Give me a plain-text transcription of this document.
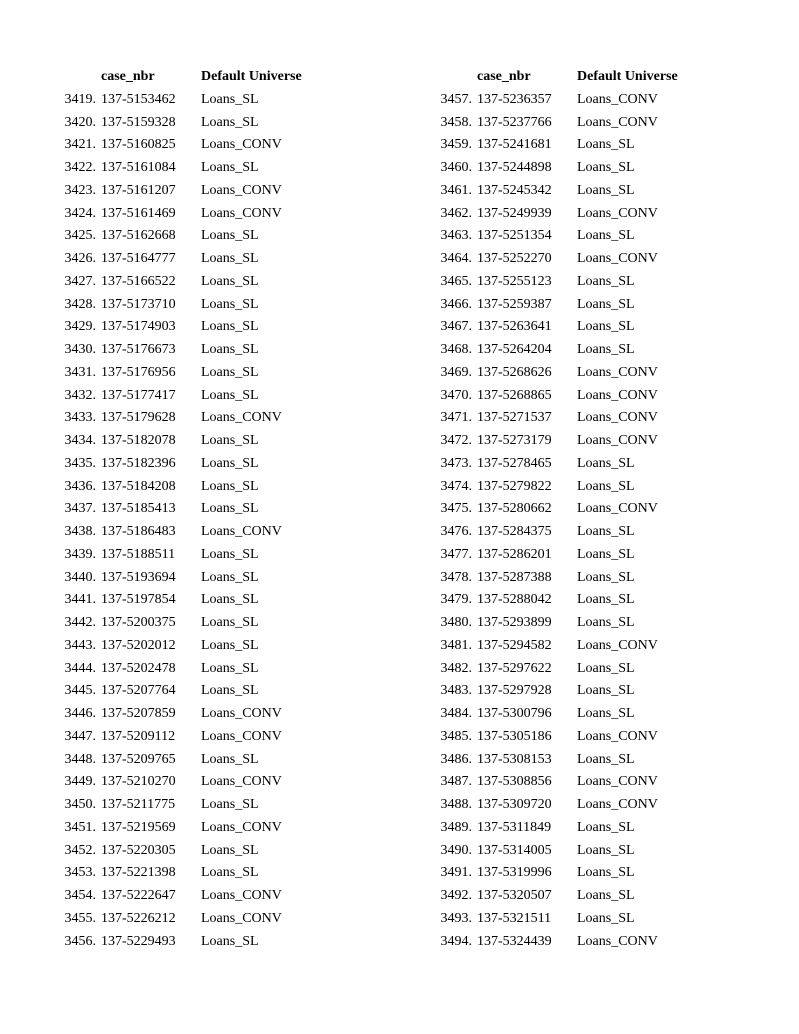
case_nbr	Default Universe
3419. 137-5153462 Loans_SL
3420. 137-5159328 Loans_SL
3421. 137-5160825 Loans_CONV
3422. 137-5161084 Loans_SL
3423. 137-5161207 Loans_CONV
3424. 137-5161469 Loans_CONV
3425. 137-5162668 Loans_SL
3426. 137-5164777 Loans_SL
3427. 137-5166522 Loans_SL
3428. 137-5173710 Loans_SL
3429. 137-5174903 Loans_SL
3430. 137-5176673 Loans_SL
3431. 137-5176956 Loans_SL
3432. 137-5177417 Loans_SL
3433. 137-5179628 Loans_CONV
3434. 137-5182078 Loans_SL
3435. 137-5182396 Loans_SL
3436. 137-5184208 Loans_SL
3437. 137-5185413 Loans_SL
3438. 137-5186483 Loans_CONV
3439. 137-5188511 Loans_SL
3440. 137-5193694 Loans_SL
3441. 137-5197854 Loans_SL
3442. 137-5200375 Loans_SL
3443. 137-5202012 Loans_SL
3444. 137-5202478 Loans_SL
3445. 137-5207764 Loans_SL
3446. 137-5207859 Loans_CONV
3447. 137-5209112 Loans_CONV
3448. 137-5209765 Loans_SL
3449. 137-5210270 Loans_CONV
3450. 137-5211775 Loans_SL
3451. 137-5219569 Loans_CONV
3452. 137-5220305 Loans_SL
3453. 137-5221398 Loans_SL
3454. 137-5222647 Loans_CONV
3455. 137-5226212 Loans_CONV
3456. 137-5229493 Loans_SL
case_nbr	Default Universe
3457. 137-5236357 Loans_CONV
3458. 137-5237766 Loans_CONV
3459. 137-5241681 Loans_SL
3460. 137-5244898 Loans_SL
3461. 137-5245342 Loans_SL
3462. 137-5249939 Loans_CONV
3463. 137-5251354 Loans_SL
3464. 137-5252270 Loans_CONV
3465. 137-5255123 Loans_SL
3466. 137-5259387 Loans_SL
3467. 137-5263641 Loans_SL
3468. 137-5264204 Loans_SL
3469. 137-5268626 Loans_CONV
3470. 137-5268865 Loans_CONV
3471. 137-5271537 Loans_CONV
3472. 137-5273179 Loans_CONV
3473. 137-5278465 Loans_SL
3474. 137-5279822 Loans_SL
3475. 137-5280662 Loans_CONV
3476. 137-5284375 Loans_SL
3477. 137-5286201 Loans_SL
3478. 137-5287388 Loans_SL
3479. 137-5288042 Loans_SL
3480. 137-5293899 Loans_SL
3481. 137-5294582 Loans_CONV
3482. 137-5297622 Loans_SL
3483. 137-5297928 Loans_SL
3484. 137-5300796 Loans_SL
3485. 137-5305186 Loans_CONV
3486. 137-5308153 Loans_SL
3487. 137-5308856 Loans_CONV
3488. 137-5309720 Loans_CONV
3489. 137-5311849 Loans_SL
3490. 137-5314005 Loans_SL
3491. 137-5319996 Loans_SL
3492. 137-5320507 Loans_SL
3493. 137-5321511 Loans_SL
3494. 137-5324439 Loans_CONV
